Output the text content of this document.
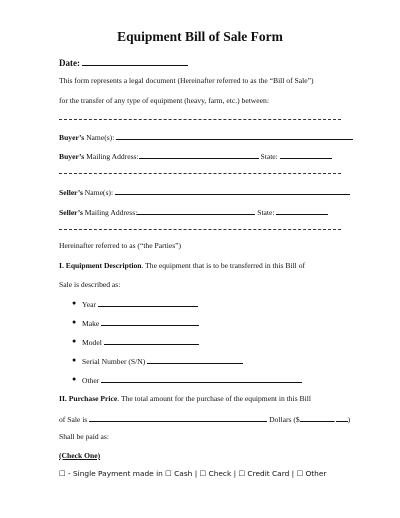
Equipment Bill of Sale Form
Date:
This form represents a legal document (Hereinafter referred to as the “Bill of Sale”)
for the transfer of any type of equipment (heavy, farm, etc.) between:
Buyer’s Name(s):
Buyer’s Mailing Address:	State:
Seller’s Name(s):
Seller’s Mailing Address:	State:
Hereinafter referred to as (“the Parties”)
I. Equipment Description. The equipment that is to be transferred in this Bill of
Sale is described as:
● Year
● Make
● Model
● Serial Number (S/N)
● Other
II. Purchase Price. The total amount for the purchase of the equipment in this Bill
of Sale is	Dollars ($	. )
Shall be paid as:
(Check One)
☐ - Single Payment made in ☐ Cash | ☐ Check | ☐ Credit Card | ☐ Other
